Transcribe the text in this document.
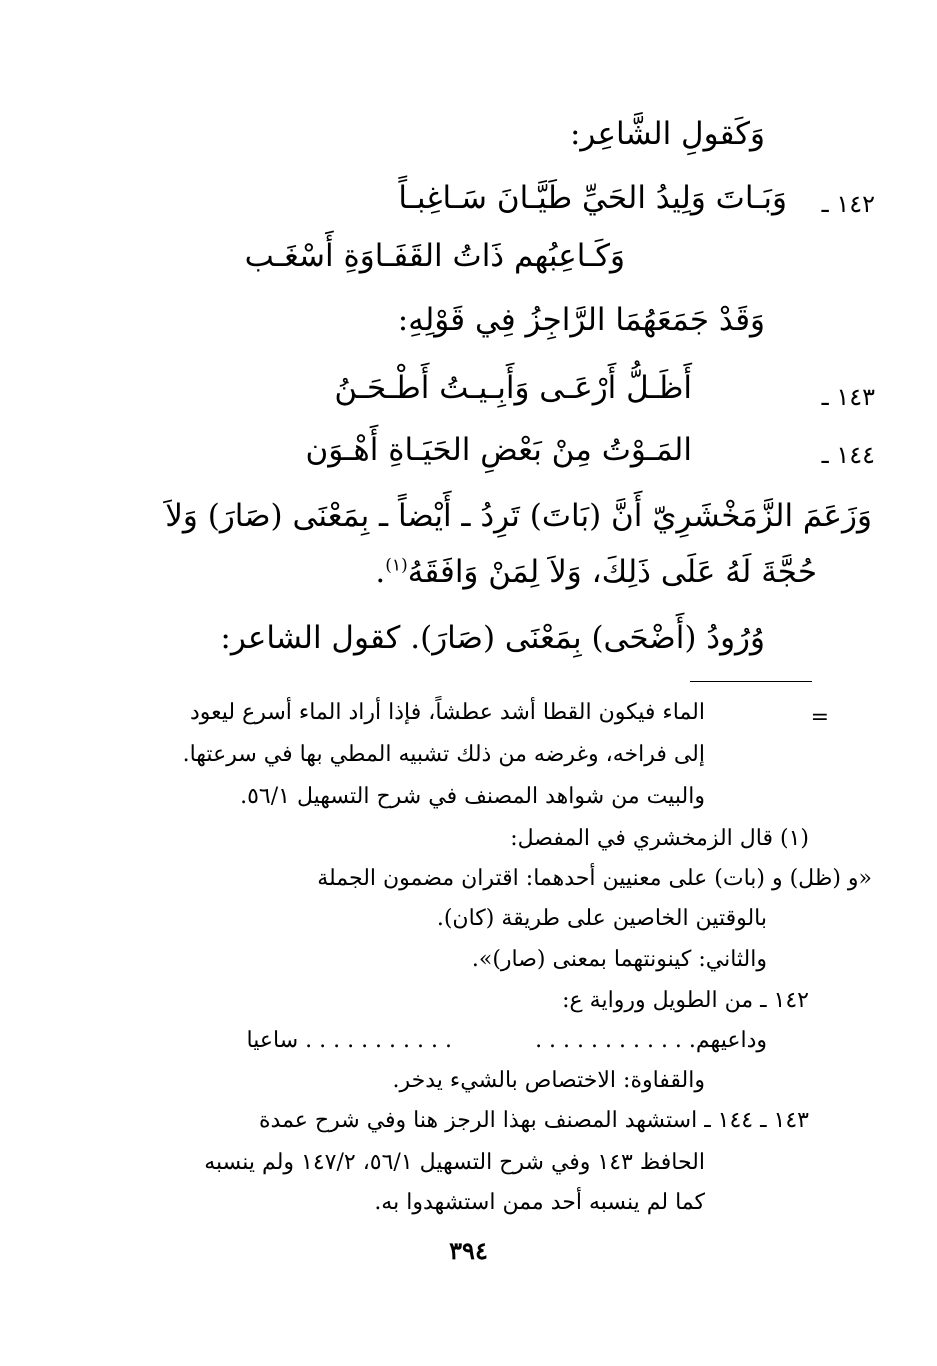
وَكَقولِ الشَّاعِر:
١٤٢ ـ
وَبَـاتَ وَلِيدُ الحَيِّ طَيَّـانَ سَـاغِبـاً
وَكَـاعِبُهم ذَاتُ القَفَـاوَةِ أَسْغَـب
وَقَدْ جَمَعَهُمَا الرَّاجِزُ فِي قَوْلِهِ:
١٤٣ ـ
أَظَـلُّ أَرْعَـى وَأَبِـيـتُ أَطْـحَـنُ
١٤٤ ـ
المَـوْتُ مِنْ بَعْضِ الحَيَـاةِ أَهْـوَن
وَزَعَمَ الزَّمَخْشَرِيّ أَنَّ (بَاتَ) تَرِدُ ـ أَيْضاً ـ بِمَعْنَى (صَارَ) وَلاَ
حُجَّةَ لَهُ عَلَى ذَلِكَ، وَلاَ لِمَنْ وَافَقَهُ$^{(١)}$.
وُرُودُ (أَضْحَى) بِمَعْنَى (صَارَ). كقول الشاعر:
=
الماء فيكون القطا أشد عطشاً، فإذا أراد الماء أسرع ليعود
إلى فراخه، وغرضه من ذلك تشبيه المطي بها في سرعتها.
والبيت من شواهد المصنف في شرح التسهيل ٥٦/١.
(١) قال الزمخشري في المفصل:
«و (ظل) و (بات) على معنيين أحدهما: اقتران مضمون الجملة
بالوقتين الخاصين على طريقة (كان).
والثاني: كينونتهما بمعنى (صار)».
١٤٢ ـ من الطويل ورواية ع:
. . . . . . . . . . . ساعيا	وداعيهم. . . . . . . . . . . .
والقفاوة: الاختصاص بالشيء يدخر.
١٤٣ ـ ١٤٤ ـ استشهد المصنف بهذا الرجز هنا وفي شرح عمدة
الحافظ ١٤٣ وفي شرح التسهيل ٥٦/١، ١٤٧/٢ ولم ينسبه
كما لم ينسبه أحد ممن استشهدوا به.
٣٩٤
